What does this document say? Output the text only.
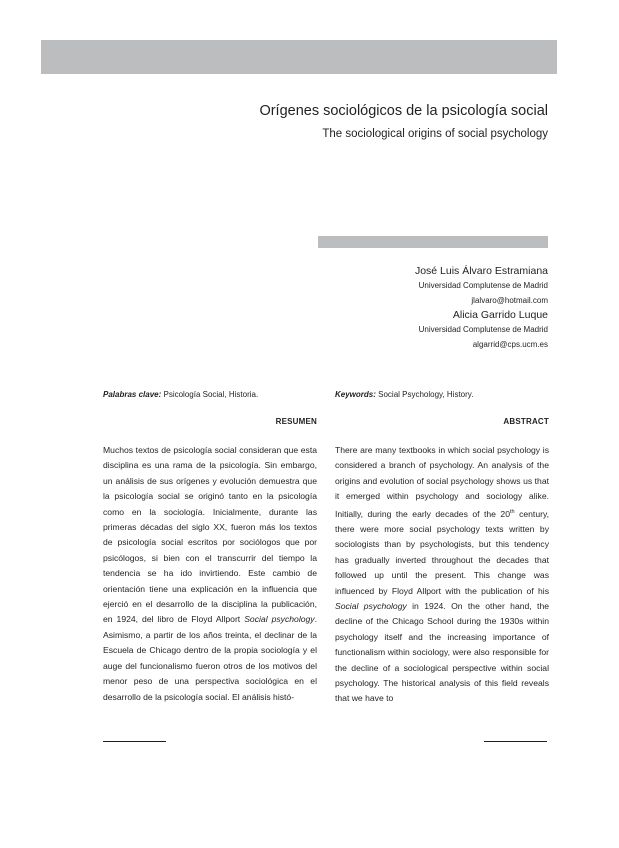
118/07 pp. 11-26 Reis
Orígenes sociológicos de la psicología social
The sociological origins of social psychology
José Luis Álvaro Estramiana
Universidad Complutense de Madrid
jlalvaro@hotmail.com
Alicia Garrido Luque
Universidad Complutense de Madrid
algarrid@cps.ucm.es
Palabras clave: Psicología Social, Historia.
RESUMEN
Muchos textos de psicología social consideran que esta disciplina es una rama de la psicología. Sin embargo, un análisis de sus orígenes y evolución demuestra que la psicología social se originó tanto en la psicología como en la sociología. Inicialmente, durante las primeras décadas del siglo XX, fueron más los textos de psicología social escritos por sociólogos que por psicólogos, si bien con el transcurrir del tiempo la tendencia se ha ido invirtiendo. Este cambio de orientación tiene una explicación en la influencia que ejerció en el desarrollo de la disciplina la publicación, en 1924, del libro de Floyd Allport Social psychology. Asimismo, a partir de los años treinta, el declinar de la Escuela de Chicago dentro de la propia sociología y el auge del funcionalismo fueron otros de los motivos del menor peso de una perspectiva sociológica en el desarrollo de la psicología social. El análisis histó-
Keywords: Social Psychology, History.
ABSTRACT
There are many textbooks in which social psychology is considered a branch of psychology. An analysis of the origins and evolution of social psychology shows us that it emerged within psychology and sociology alike. Initially, during the early decades of the 20th century, there were more social psychology texts written by sociologists than by psychologists, but this tendency has gradually inverted throughout the decades that followed up until the present. This change was influenced by Floyd Allport with the publication of his Social psychology in 1924. On the other hand, the decline of the Chicago School during the 1930s within psychology itself and the increasing importance of functionalism within sociology, were also responsible for the decline of a sociological perspective within social psychology. The historical analysis of this field reveals that we have to
